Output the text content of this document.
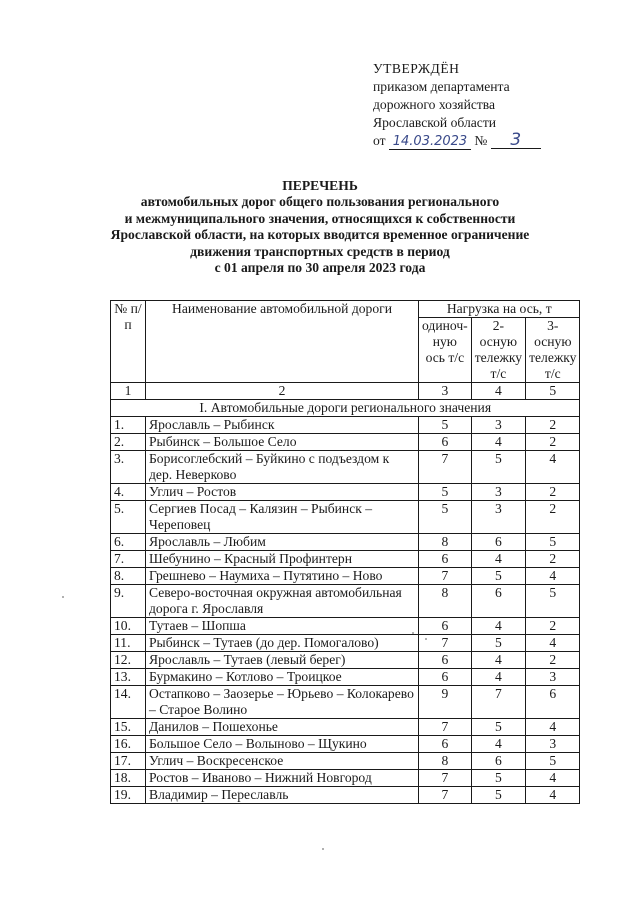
УТВЕРЖДЁН
приказом департамента
дорожного хозяйства
Ярославской области
от 14.03.2023 № 3
ПЕРЕЧЕНЬ
автомобильных дорог общего пользования регионального
и межмуниципального значения, относящихся к собственности
Ярославской области, на которых вводится временное ограничение
движения транспортных средств в период
с 01 апреля по 30 апреля 2023 года
№ п/п	Наименование автомобильной дороги	Нагрузка на ось, т		
		одиноч-ную ось т/с	2-осную тележку т/с	3-осную тележку т/с
1	2	3	4	5
I. Автомобильные дороги регионального значения				
1.	Ярославль – Рыбинск	5	3	2
2.	Рыбинск – Большое Село	6	4	2
3.	Борисоглебский – Буйкино с подъездом к дер. Неверково	7	5	4
4.	Углич – Ростов	5	3	2
5.	Сергиев Посад – Калязин – Рыбинск – Череповец	5	3	2
6.	Ярославль – Любим	8	6	5
7.	Шебунино – Красный Профинтерн	6	4	2
8.	Грешнево – Наумиха – Путятино – Ново	7	5	4
9.	Северо-восточная окружная автомобильная дорога г. Ярославля	8	6	5
10.	Тутаев – Шопша	6	4	2
11.	Рыбинск – Тутаев (до дер. Помогалово)	7	5	4
12.	Ярославль – Тутаев (левый берег)	6	4	2
13.	Бурмакино – Котлово – Троицкое	6	4	3
14.	Остапково – Заозерье – Юрьево – Колокарево – Старое Волино	9	7	6
15.	Данилов – Пошехонье	7	5	4
16.	Большое Село – Волыново – Щукино	6	4	3
17.	Углич – Воскресенское	8	6	5
18.	Ростов – Иваново – Нижний Новгород	7	5	4
19.	Владимир – Переславль	7	5	4
